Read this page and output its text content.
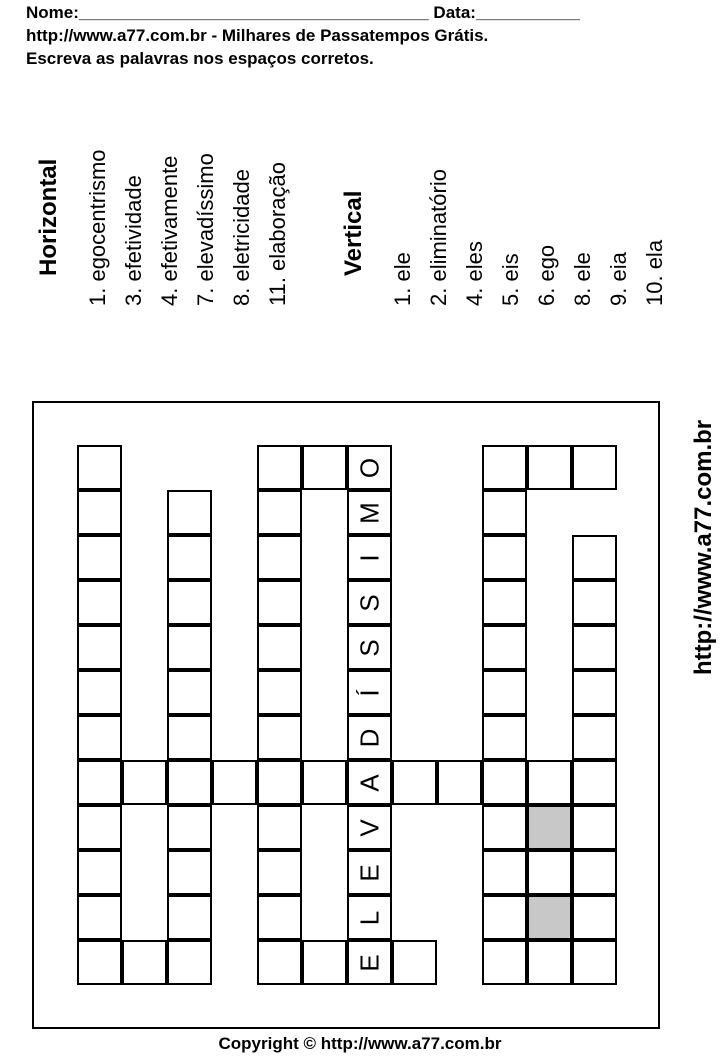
Nome:_____________________________________ Data:___________
http://www.a77.com.br - Milhares de Passatempos Grátis.
Escreva as palavras nos espaços corretos.
Horizontal 1. egocentrismo 3. efetividade 4. efetivamente 7. elevadíssimo 8. eletricidade 11. elaboração Vertical
1. ele 2. eliminatório 4. eles 5. eis 6. ego 8. ele 9. eia 10. ela
O
M
I
S
S
Í
D
A
V
E
L
E
http://www.a77.com.br
Copyright © http://www.a77.com.br
